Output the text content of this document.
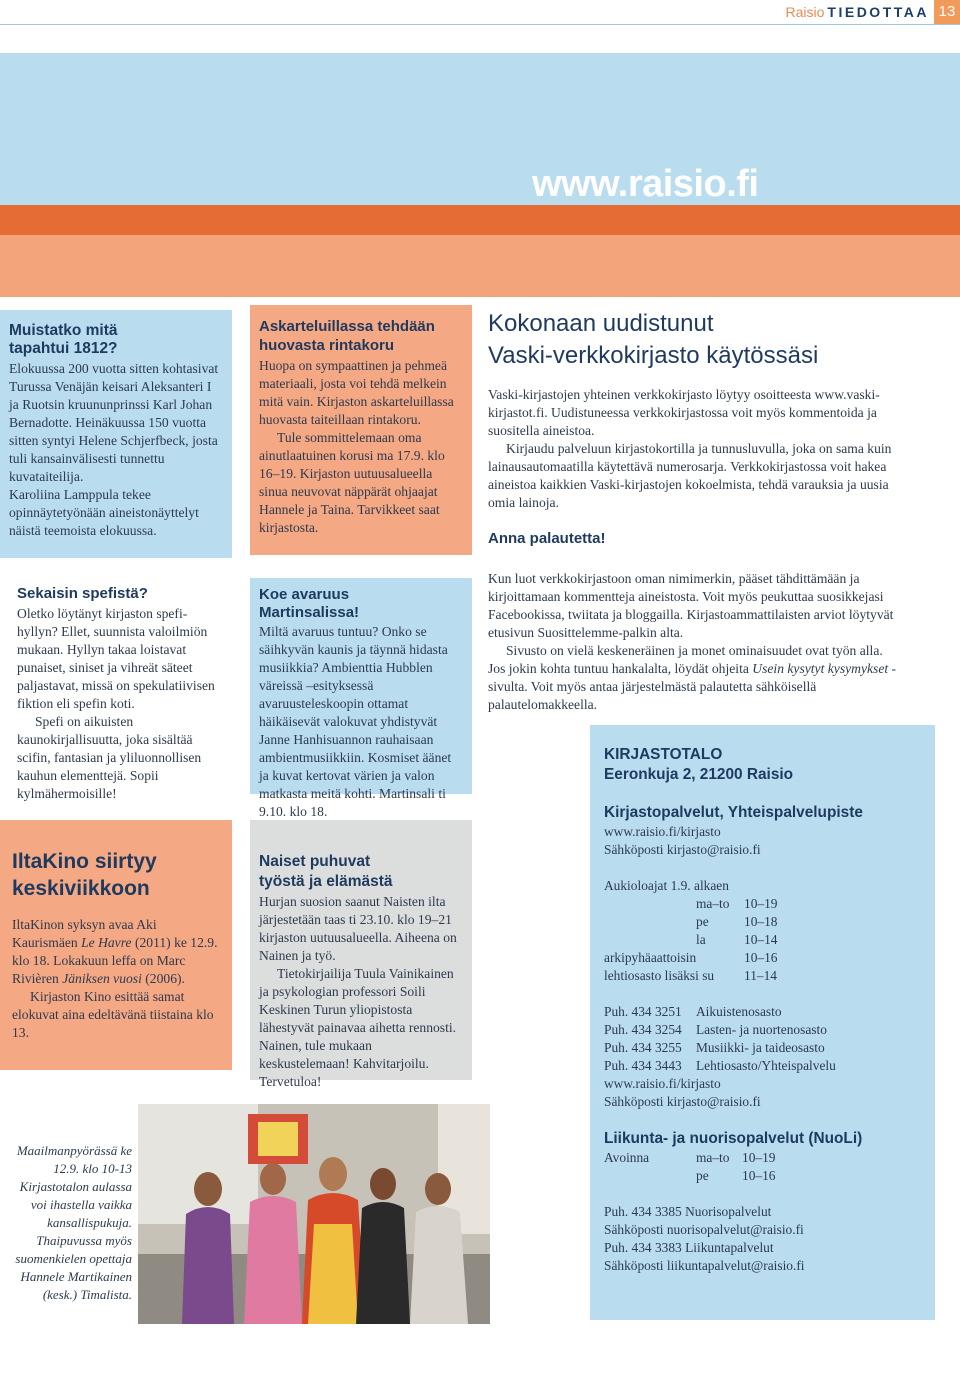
Raisio TIEDOTTAA 13
www.raisio.fi
Muistatko mitä
tapahtui 1812?

Elokuussa 200 vuotta sitten kohtasivat Turussa Venäjän keisari Aleksanteri I ja Ruotsin kruununprinssi Karl Johan Bernadotte. Heinäkuussa 150 vuotta sitten syntyi Helene Schjerfbeck, josta tuli kansainvälisesti tunnettu kuvataiteilija.

Karoliina Lamppula tekee opinnäytetyönään aineistonäyttelyt näistä teemoista elokuussa.

Askarteluillassa tehdään
huovasta rintakoru

Huopa on sympaattinen ja pehmeä materiaali, josta voi tehdä melkein mitä vain. Kirjaston askarteluillassa huovasta taiteillaan rintakoru.

Tule sommittelemaan oma ainutlaatuinen korusi ma 17.9. klo 16–19. Kirjaston uutuusalueella sinua neuvovat näppärät ohjaajat Hannele ja Taina. Tarvikkeet saat kirjastosta.

Kokonaan uudistunut
Vaski-verkkokirjasto käytössäsi

Vaski-kirjastojen yhteinen verkkokirjasto löytyy osoitteesta www.vaski-kirjastot.fi. Uudistuneessa verkkokirjastossa voit myös kommentoida ja suositella aineistoa.

Kirjaudu palveluun kirjastokortilla ja tunnusluvulla, joka on sama kuin lainausautomaatilla käytettävä numerosarja. Verkkokirjastossa voit hakea aineistoa kaikkien Vaski-kirjastojen kokoelmista, tehdä varauksia ja uusia omia lainoja.

Anna palautetta!

Kun luot verkkokirjastoon oman nimimerkin, pääset tähdittämään ja kirjoittamaan kommentteja aineistosta. Voit myös peukuttaa suosikkejasi Facebookissa, twiitata ja bloggailla. Kirjastoammattilaisten arviot löytyvät etusivun Suosittelemme-palkin alta.

Sivusto on vielä keskeneräinen ja monet ominaisuudet ovat työn alla. Jos jokin kohta tuntuu hankalalta, löydät ohjeita Usein kysytyt kysymykset -sivulta. Voit myös antaa järjestelmästä palautetta sähköisellä palautelomakkeella.

Sekaisin spefistä?

Oletko löytänyt kirjaston spefi-hyllyn? Ellet, suunnista valoilmiön mukaan. Hyllyn takaa loistavat punaiset, siniset ja vihreät säteet paljastavat, missä on spekulatiivisen fiktion eli spefin koti.

Spefi on aikuisten kaunokirjallisuutta, joka sisältää scifin, fantasian ja yliluonnollisen kauhun elementtejä. Sopii kylmähermoisille!

Koe avaruus
Martinsalissa!

Miltä avaruus tuntuu? Onko se säihkyvän kaunis ja täynnä hidasta musiikkia? Ambienttia Hubblen väreissä –esityksessä avaruusteleskoopin ottamat häikäisevät valokuvat yhdistyvät Janne Hanhisuannon rauhaisaan ambientmusiikkiin. Kosmiset äänet ja kuvat kertovat värien ja valon matkasta meitä kohti. Martinsali ti 9.10. klo 18.

IltaKino siirtyy
keskiviikkoon

IltaKinon syksyn avaa Aki Kaurismäen Le Havre (2011) ke 12.9. klo 18. Lokakuun leffa on Marc Rivièren Jäniksen vuosi (2006).

Kirjaston Kino esittää samat elokuvat aina edeltävänä tiistaina klo 13.

Naiset puhuvat
työstä ja elämästä

Hurjan suosion saanut Naisten ilta järjestetään taas ti 23.10. klo 19–21 kirjaston uutuusalueella. Aiheena on Nainen ja työ.

Tietokirjailija Tuula Vainikainen ja psykologian professori Soili Keskinen Turun yliopistosta lähestyvät painavaa aihetta rennosti. Nainen, tule mukaan keskustelemaan! Kahvitarjoilu. Tervetuloa!

Maailmanpyörässä ke 12.9. klo 10-13 Kirjastotalon aulassa voi ihastella vaikka kansallispukuja. Thaipuvussa myös suomenkielen opettaja Hannele Martikainen (kesk.) Timalista.
KIRJASTOTALO
Eeronkuja 2, 21200 Raisio
Kirjastopalvelut, Yhteispalvelupiste
www.raisio.fi/kirjasto
Sähköposti kirjasto@raisio.fi
Aukioloajat 1.9. alkaen
ma–to	10–19
pe	10–18
la	10–14
arkipyhäaattoisin	10–16
lehtiosasto lisäksi su	11–14
Puh. 434 3251	Aikuistenosasto
Puh. 434 3254	Lasten- ja nuortenosasto
Puh. 434 3255	Musiikki- ja taideosasto
Puh. 434 3443	Lehtiosasto/Yhteispalvelu
www.raisio.fi/kirjasto
Sähköposti kirjasto@raisio.fi
Liikunta- ja nuorisopalvelut (NuoLi)
Avoinna	ma–to 10–19
pe	10–16
Puh. 434 3385 Nuorisopalvelut
Sähköposti nuorisopalvelut@raisio.fi
Puh. 434 3383 Liikuntapalvelut
Sähköposti liikuntapalvelut@raisio.fi
